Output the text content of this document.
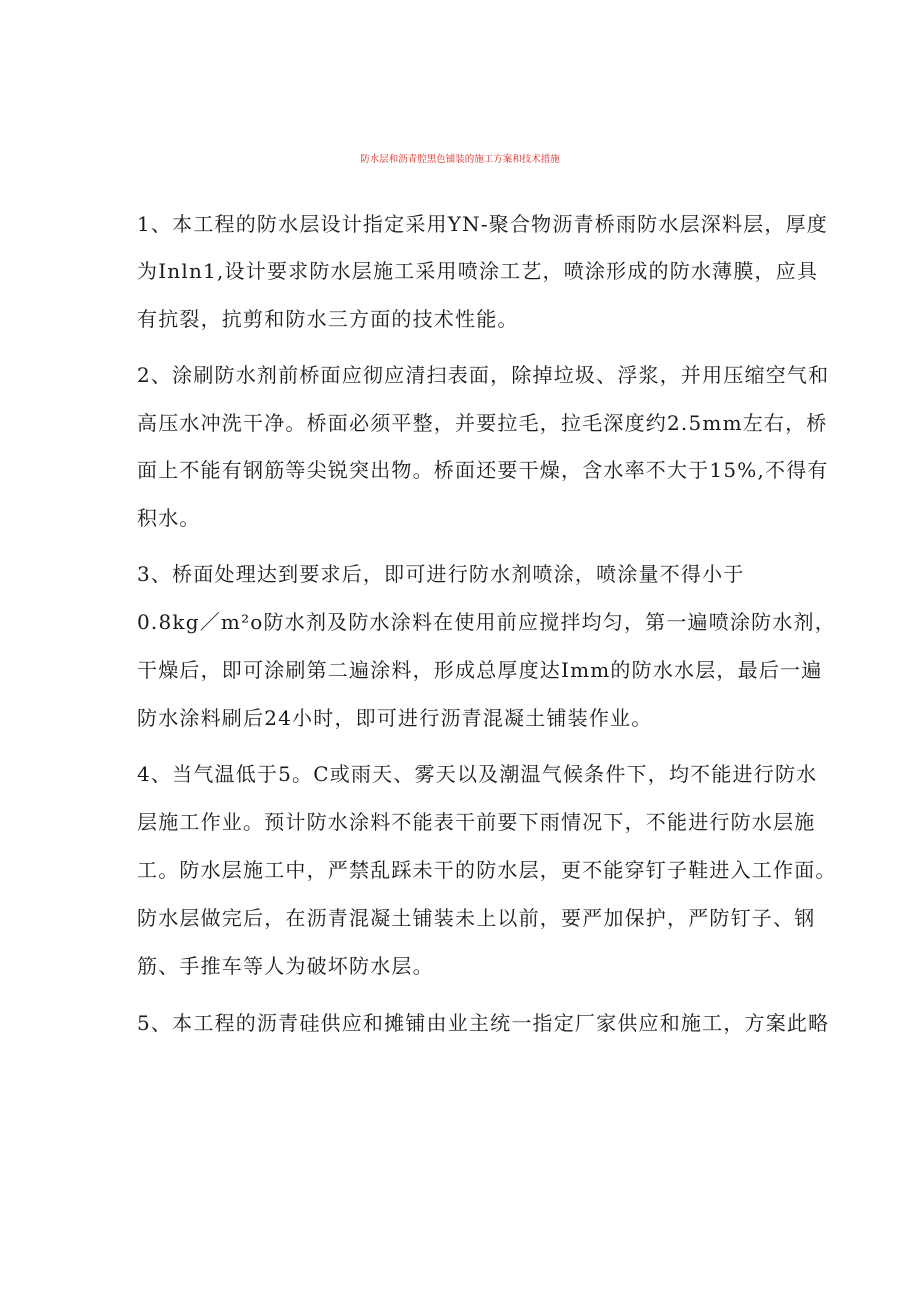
防水层和沥青腔黑色铺装的施工方案和技术措施
1、本工程的防水层设计指定采用YN-聚合物沥青桥雨防水层深料层，厚度
为Inln1,设计要求防水层施工采用喷涂工艺，喷涂形成的防水薄膜，应具
有抗裂，抗剪和防水三方面的技术性能。
2、涂刷防水剂前桥面应彻应清扫表面，除掉垃圾、浮浆，并用压缩空气和
高压水冲洗干净。桥面必须平整，并要拉毛，拉毛深度约2.5mm左右，桥
面上不能有钢筋等尖锐突出物。桥面还要干燥，含水率不大于15%,不得有
积水。
3、桥面处理达到要求后，即可进行防水剂喷涂，喷涂量不得小于
0.8kg／m²o防水剂及防水涂料在使用前应搅拌均匀，第一遍喷涂防水剂，
干燥后，即可涂刷第二遍涂料，形成总厚度达Imm的防水水层，最后一遍
防水涂料刷后24小时，即可进行沥青混凝土铺装作业。
4、当气温低于5。C或雨天、雾天以及潮温气候条件下，均不能进行防水
层施工作业。预计防水涂料不能表干前要下雨情况下，不能进行防水层施
工。防水层施工中，严禁乱踩未干的防水层，更不能穿钉子鞋进入工作面。
防水层做完后，在沥青混凝土铺装未上以前，要严加保护，严防钉子、钢
筋、手推车等人为破坏防水层。
5、本工程的沥青硅供应和摊铺由业主统一指定厂家供应和施工，方案此略
